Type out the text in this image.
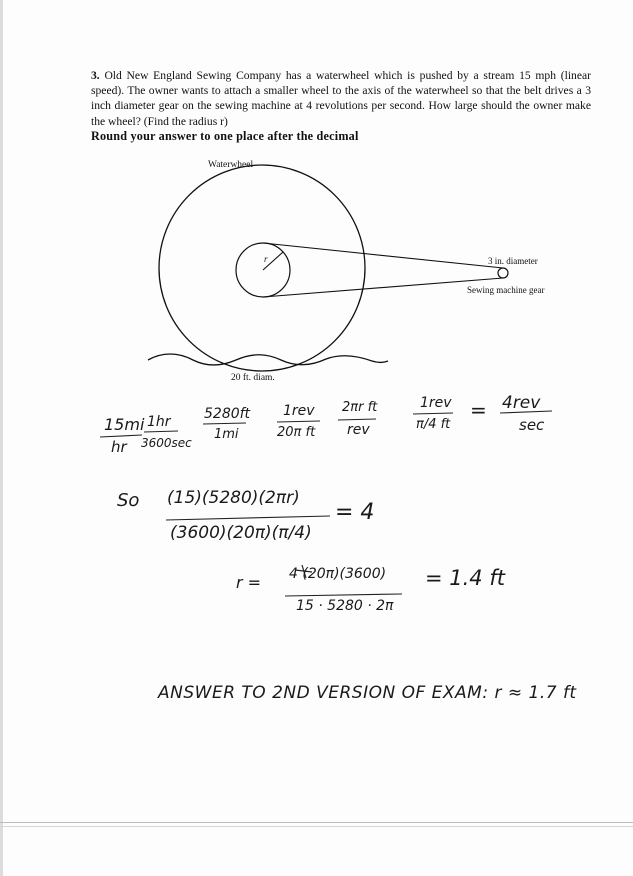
3. Old New England Sewing Company has a waterwheel which is pushed by a stream 15 mph (linear speed). The owner wants to attach a smaller wheel to the axis of the waterwheel so that the belt drives a 3 inch diameter gear on the sewing machine at 4 revolutions per second. How large should the owner make the wheel? (Find the radius r)
Round your answer to one place after the decimal
Waterwheel
r	3 in. diameter
Sewing machine gear
20 ft. diam.
15mi
hr
1hr
3600sec
5280ft
1mi
1rev
20π ft
2πr ft
rev
1rev
π/4 ft
= 4rev
sec
So (15)(5280)(2πr)
(3600)(20π)(π/4)
= 4
r = 4 (20π)(3600)
15 · 5280 · 2π
= 1.4 ft
ANSWER TO 2ND VERSION OF EXAM: r ≈ 1.7 ft
